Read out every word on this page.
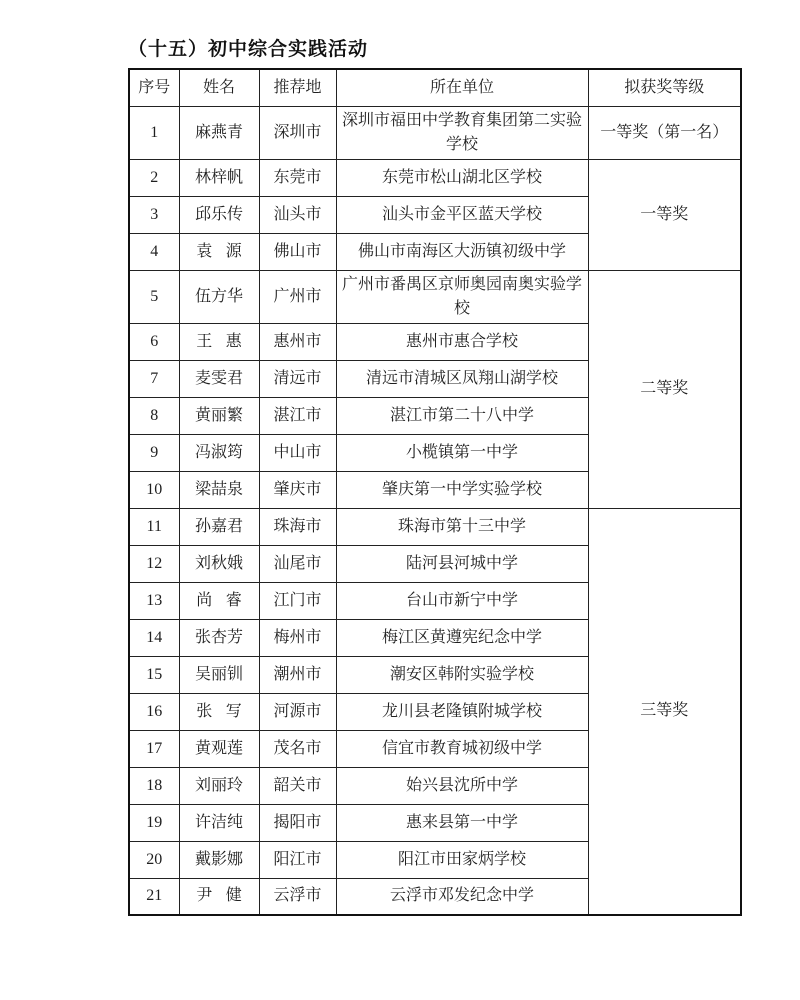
（十五）初中综合实践活动
序号	姓名	推荐地	所在单位	拟获奖等级
1	麻燕青	深圳市	深圳市福田中学教育集团第二实验学校	一等奖（第一名）
2	林梓帆	东莞市	东莞市松山湖北区学校	一等奖
3	邱乐传	汕头市	汕头市金平区蓝天学校	
4	袁源	佛山市	佛山市南海区大沥镇初级中学	
5	伍方华	广州市	广州市番禺区京师奥园南奥实验学校	二等奖
6	王惠	惠州市	惠州市惠合学校	
7	麦雯君	清远市	清远市清城区凤翔山湖学校	
8	黄丽繁	湛江市	湛江市第二十八中学	
9	冯淑筠	中山市	小榄镇第一中学	
10	梁喆泉	肇庆市	肇庆第一中学实验学校	
11	孙嘉君	珠海市	珠海市第十三中学	三等奖
12	刘秋娥	汕尾市	陆河县河城中学	
13	尚睿	江门市	台山市新宁中学	
14	张杏芳	梅州市	梅江区黄遵宪纪念中学	
15	吴丽钏	潮州市	潮安区韩附实验学校	
16	张写	河源市	龙川县老隆镇附城学校	
17	黄观莲	茂名市	信宜市教育城初级中学	
18	刘丽玲	韶关市	始兴县沈所中学	
19	许洁纯	揭阳市	惠来县第一中学	
20	戴影娜	阳江市	阳江市田家炳学校	
21	尹健	云浮市	云浮市邓发纪念中学	
